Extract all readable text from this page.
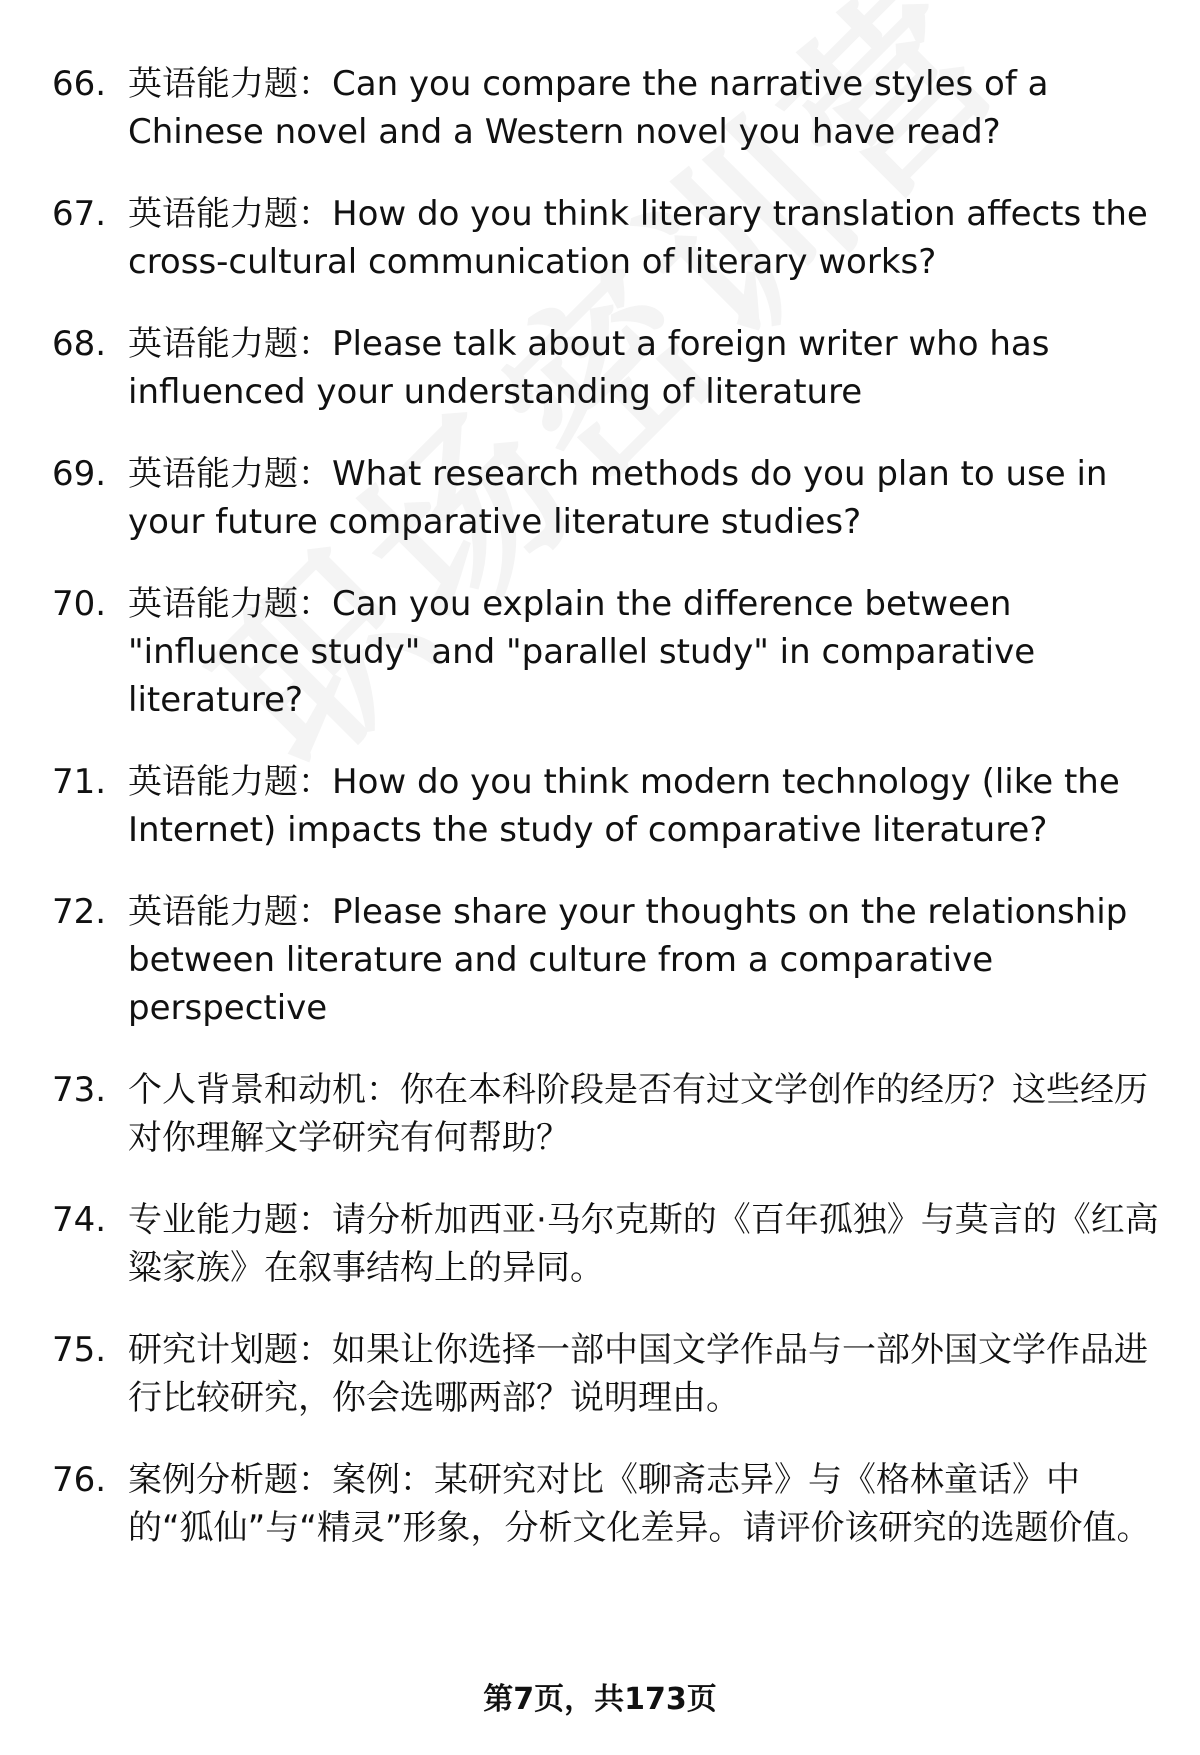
66. 英语能力题：Can you compare the narrative styles of a Chinese novel and a Western novel you have read?
67. 英语能力题：How do you think literary translation affects the cross-cultural communication of literary works?
68. 英语能力题：Please talk about a foreign writer who has influenced your understanding of literature
69. 英语能力题：What research methods do you plan to use in your future comparative literature studies?
70. 英语能力题：Can you explain the difference between "influence study" and "parallel study" in comparative literature?
71. 英语能力题：How do you think modern technology (like the Internet) impacts the study of comparative literature?
72. 英语能力题：Please share your thoughts on the relationship between literature and culture from a comparative perspective
73. 个人背景和动机：你在本科阶段是否有过文学创作的经历？这些经历对你理解文学研究有何帮助？
74. 专业能力题：请分析加西亚·马尔克斯的《百年孤独》与莫言的《红高粱家族》在叙事结构上的异同。
75. 研究计划题：如果让你选择一部中国文学作品与一部外国文学作品进行比较研究，你会选哪两部？说明理由。
76. 案例分析题：案例：某研究对比《聊斋志异》与《格林童话》中的“狐仙”与“精灵”形象，分析文化差异。请评价该研究的选题价值。
第7页，共173页
